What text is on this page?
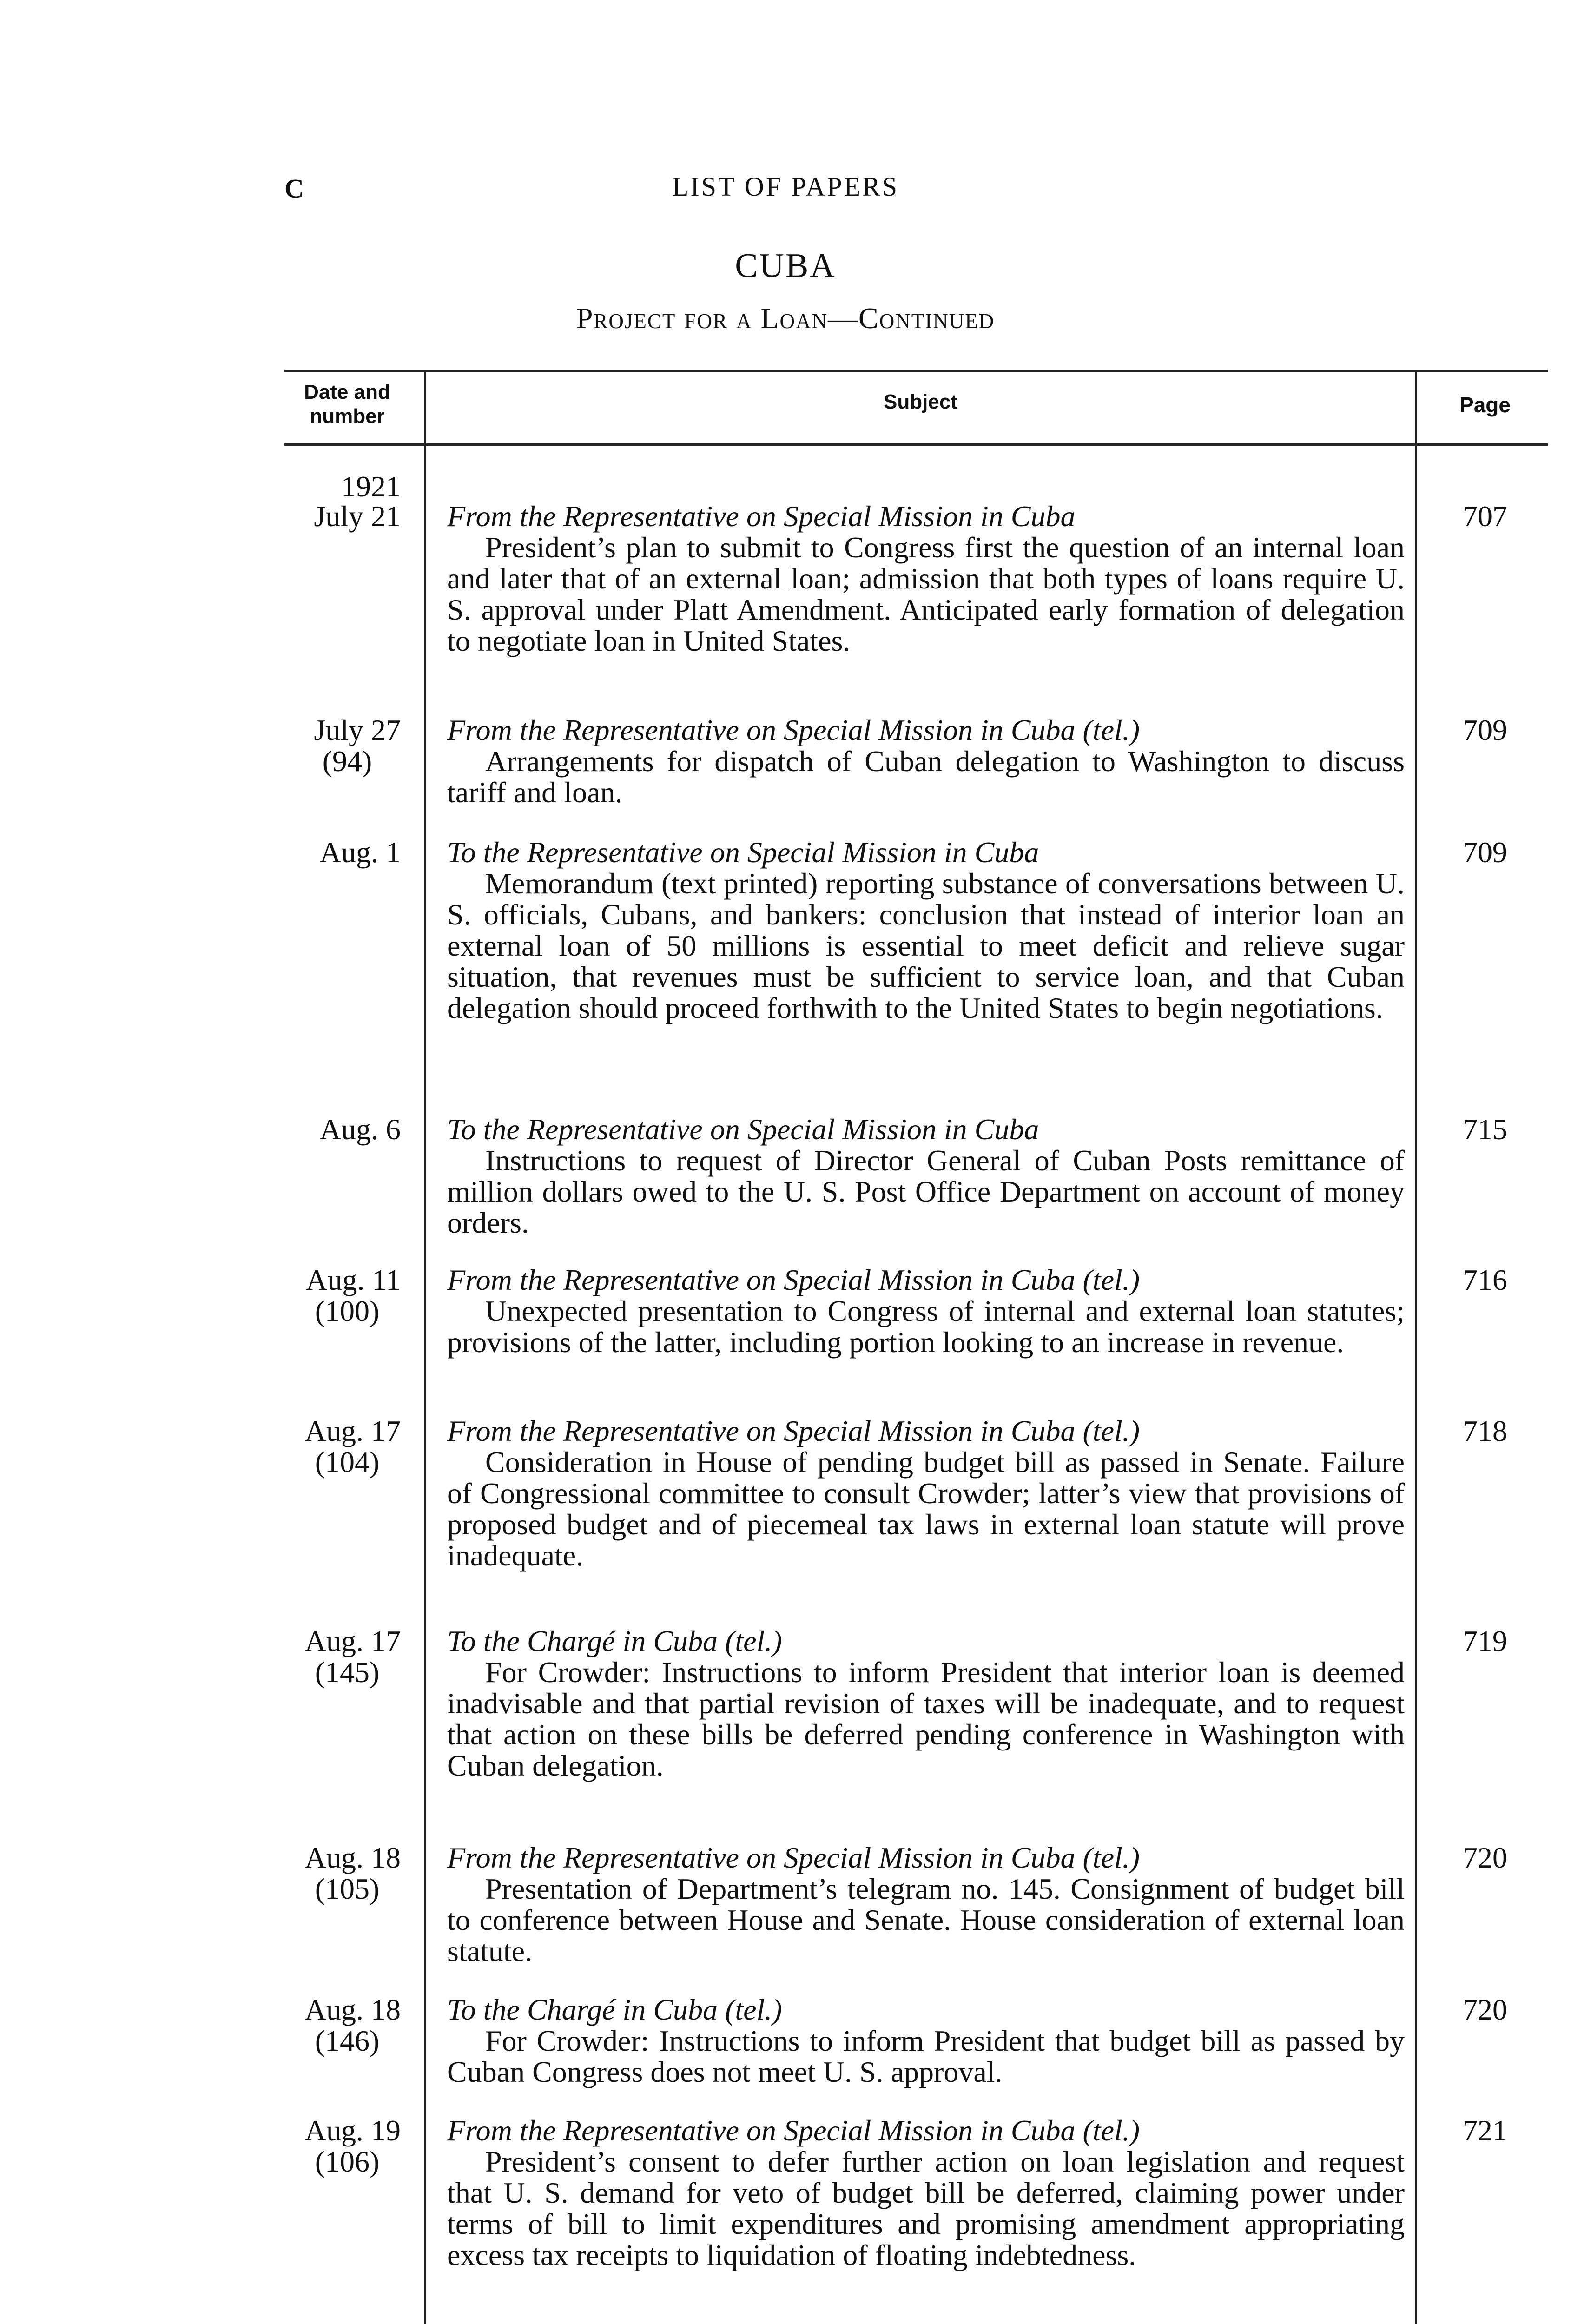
C	LIST OF PAPERS
CUBA
Project for a Loan—Continued
Date and number
Subject	Page
1921
July 21 From the Representative on Special Mission in Cuba
President’s plan to submit to Congress first the question of an internal loan and later that of an external loan; admission that both types of loans require U. S. approval under Platt Amendment. Anticipated early formation of delegation to negotiate loan in United States.
707
July 27
(94)
From the Representative on Special Mission in Cuba (tel.)
Arrangements for dispatch of Cuban delegation to Washington to discuss tariff and loan.
709
Aug. 1 To the Representative on Special Mission in Cuba
Memorandum (text printed) reporting substance of conversations between U. S. officials, Cubans, and bankers: conclusion that instead of interior loan an external loan of 50 millions is essential to meet deficit and relieve sugar situation, that revenues must be sufficient to service loan, and that Cuban delegation should proceed forthwith to the United States to begin negotiations.
709
Aug. 6 To the Representative on Special Mission in Cuba
Instructions to request of Director General of Cuban Posts remittance of million dollars owed to the U. S. Post Office Department on account of money orders.
715
Aug. 11
(100)
From the Representative on Special Mission in Cuba (tel.)
Unexpected presentation to Congress of internal and external loan statutes; provisions of the latter, including portion looking to an increase in revenue.
716
Aug. 17
(104)
From the Representative on Special Mission in Cuba (tel.)
Consideration in House of pending budget bill as passed in Senate. Failure of Congressional committee to consult Crowder; latter’s view that provisions of proposed budget and of piecemeal tax laws in external loan statute will prove inadequate.
718
Aug. 17
(145)
To the Chargé in Cuba (tel.)
For Crowder: Instructions to inform President that interior loan is deemed inadvisable and that partial revision of taxes will be inadequate, and to request that action on these bills be deferred pending conference in Washington with Cuban delegation.
719
Aug. 18
(105)
From the Representative on Special Mission in Cuba (tel.)
Presentation of Department’s telegram no. 145. Consignment of budget bill to conference between House and Senate. House consideration of external loan statute.
720
Aug. 18
(146)
To the Chargé in Cuba (tel.)
For Crowder: Instructions to inform President that budget bill as passed by Cuban Congress does not meet U. S. approval.
720
Aug. 19
(106)
From the Representative on Special Mission in Cuba (tel.)
President’s consent to defer further action on loan legislation and request that U. S. demand for veto of budget bill be deferred, claiming power under terms of bill to limit expenditures and promising amendment appropriating excess tax receipts to liquidation of floating indebtedness.
721
